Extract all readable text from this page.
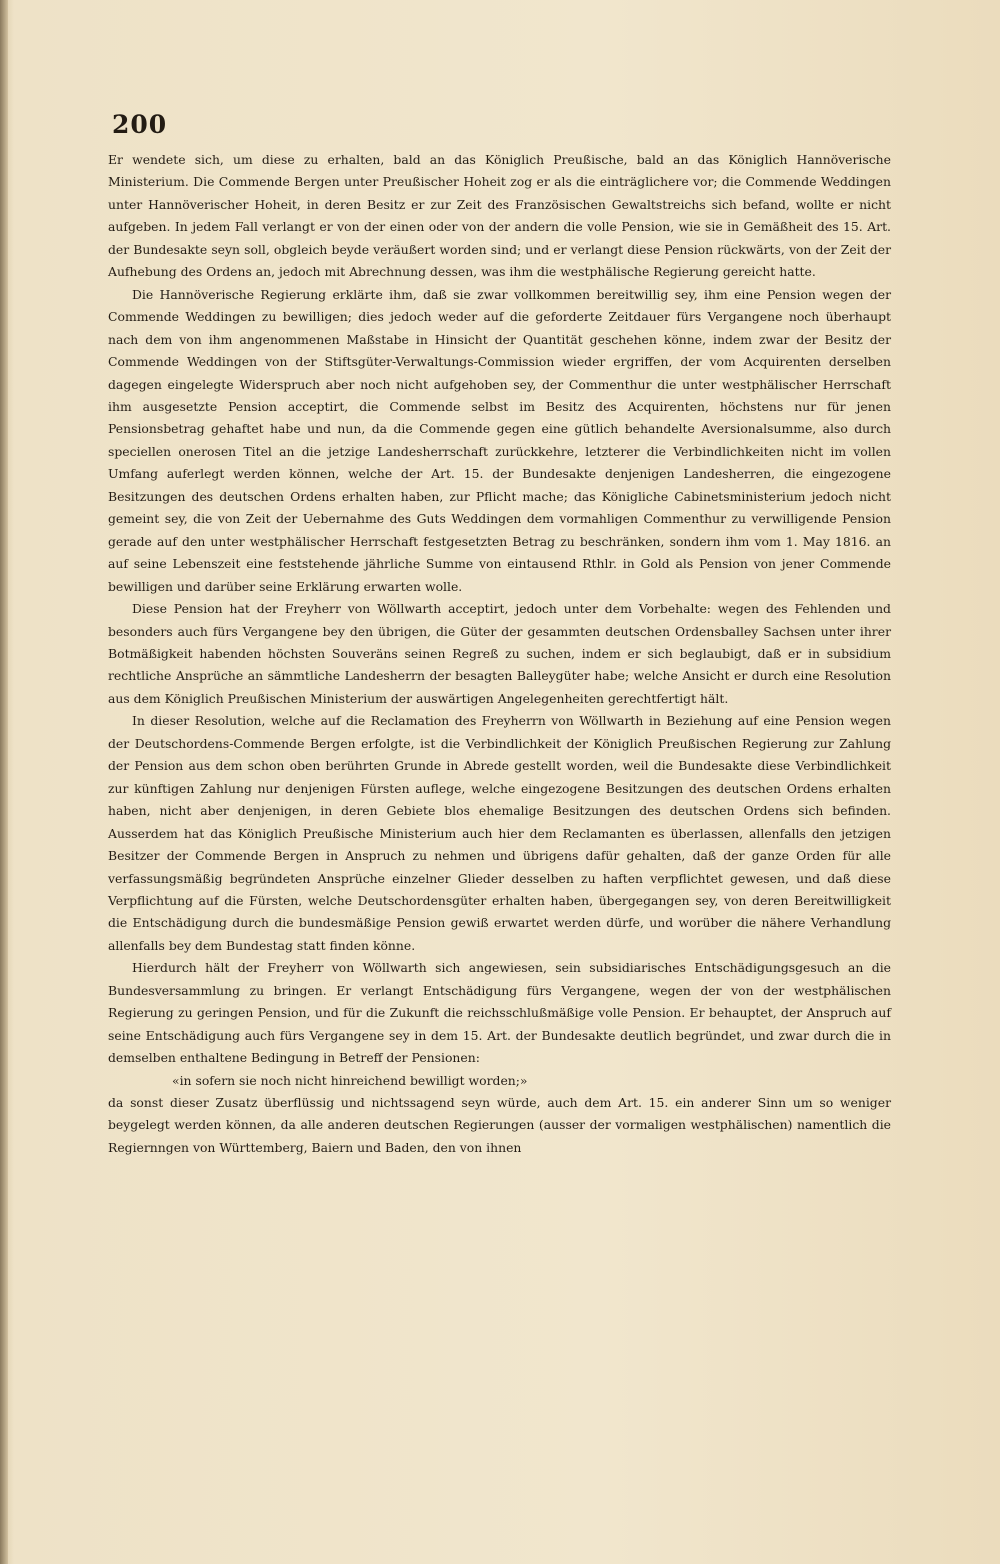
200

Er wendete sich, um diese zu erhalten, bald an das Königlich Preußische, bald an das Königlich Hannöverische Ministerium. Die Commende Bergen unter Preußischer Hoheit zog er als die einträglichere vor; die Commende Weddingen unter Hannöverischer Hoheit, in deren Besitz er zur Zeit des Französischen Gewaltstreichs sich befand, wollte er nicht aufgeben. In jedem Fall verlangt er von der einen oder von der andern die volle Pension, wie sie in Gemäßheit des 15. Art. der Bundesakte seyn soll, obgleich beyde veräußert worden sind; und er verlangt diese Pension rückwärts, von der Zeit der Aufhebung des Ordens an, jedoch mit Abrechnung dessen, was ihm die westphälische Regierung gereicht hatte.

Die Hannöverische Regierung erklärte ihm, daß sie zwar vollkommen bereitwillig sey, ihm eine Pension wegen der Commende Weddingen zu bewilligen; dies jedoch weder auf die geforderte Zeitdauer fürs Vergangene noch überhaupt nach dem von ihm angenommenen Maßstabe in Hinsicht der Quantität geschehen könne, indem zwar der Besitz der Commende Weddingen von der Stiftsgüter-Verwaltungs-Commission wieder ergriffen, der vom Acquirenten derselben dagegen eingelegte Widerspruch aber noch nicht aufgehoben sey, der Commenthur die unter westphälischer Herrschaft ihm ausgesetzte Pension acceptirt, die Commende selbst im Besitz des Acquirenten, höchstens nur für jenen Pensionsbetrag gehaftet habe und nun, da die Commende gegen eine gütlich behandelte Aversionalsumme, also durch speciellen onerosen Titel an die jetzige Landesherrschaft zurückkehre, letzterer die Verbindlichkeiten nicht im vollen Umfang auferlegt werden können, welche der Art. 15. der Bundesakte denjenigen Landesherren, die eingezogene Besitzungen des deutschen Ordens erhalten haben, zur Pflicht mache; das Königliche Cabinetsministerium jedoch nicht gemeint sey, die von Zeit der Uebernahme des Guts Weddingen dem vormahligen Commenthur zu verwilligende Pension gerade auf den unter westphälischer Herrschaft festgesetzten Betrag zu beschränken, sondern ihm vom 1. May 1816. an auf seine Lebenszeit eine feststehende jährliche Summe von eintausend Rthlr. in Gold als Pension von jener Commende bewilligen und darüber seine Erklärung erwarten wolle.

Diese Pension hat der Freyherr von Wöllwarth acceptirt, jedoch unter dem Vorbehalte: wegen des Fehlenden und besonders auch fürs Vergangene bey den übrigen, die Güter der gesammten deutschen Ordensballey Sachsen unter ihrer Botmäßigkeit habenden höchsten Souveräns seinen Regreß zu suchen, indem er sich beglaubigt, daß er in subsidium rechtliche Ansprüche an sämmtliche Landesherrn der besagten Balleygüter habe; welche Ansicht er durch eine Resolution aus dem Königlich Preußischen Ministerium der auswärtigen Angelegenheiten gerechtfertigt hält.

In dieser Resolution, welche auf die Reclamation des Freyherrn von Wöllwarth in Beziehung auf eine Pension wegen der Deutschordens-Commende Bergen erfolgte, ist die Verbindlichkeit der Königlich Preußischen Regierung zur Zahlung der Pension aus dem schon oben berührten Grunde in Abrede gestellt worden, weil die Bundesakte diese Verbindlichkeit zur künftigen Zahlung nur denjenigen Fürsten auflege, welche eingezogene Besitzungen des deutschen Ordens erhalten haben, nicht aber denjenigen, in deren Gebiete blos ehemalige Besitzungen des deutschen Ordens sich befinden. Ausserdem hat das Königlich Preußische Ministerium auch hier dem Reclamanten es überlassen, allenfalls den jetzigen Besitzer der Commende Bergen in Anspruch zu nehmen und übrigens dafür gehalten, daß der ganze Orden für alle verfassungsmäßig begründeten Ansprüche einzelner Glieder desselben zu haften verpflichtet gewesen, und daß diese Verpflichtung auf die Fürsten, welche Deutschordensgüter erhalten haben, übergegangen sey, von deren Bereitwilligkeit die Entschädigung durch die bundesmäßige Pension gewiß erwartet werden dürfe, und worüber die nähere Verhandlung allenfalls bey dem Bundestag statt finden könne.

Hierdurch hält der Freyherr von Wöllwarth sich angewiesen, sein subsidiarisches Entschädigungsgesuch an die Bundesversammlung zu bringen. Er verlangt Entschädigung fürs Vergangene, wegen der von der westphälischen Regierung zu geringen Pension, und für die Zukunft die reichsschlußmäßige volle Pension. Er behauptet, der Anspruch auf seine Entschädigung auch fürs Vergangene sey in dem 15. Art. der Bundesakte deutlich begründet, und zwar durch die in demselben enthaltene Bedingung in Betreff der Pensionen:

«in sofern sie noch nicht hinreichend bewilligt worden;»

da sonst dieser Zusatz überflüssig und nichtssagend seyn würde, auch dem Art. 15. ein anderer Sinn um so weniger beygelegt werden können, da alle anderen deutschen Regierungen (ausser der vormaligen westphälischen) namentlich die Regiernngen von Württemberg, Baiern und Baden, den von ihnen
